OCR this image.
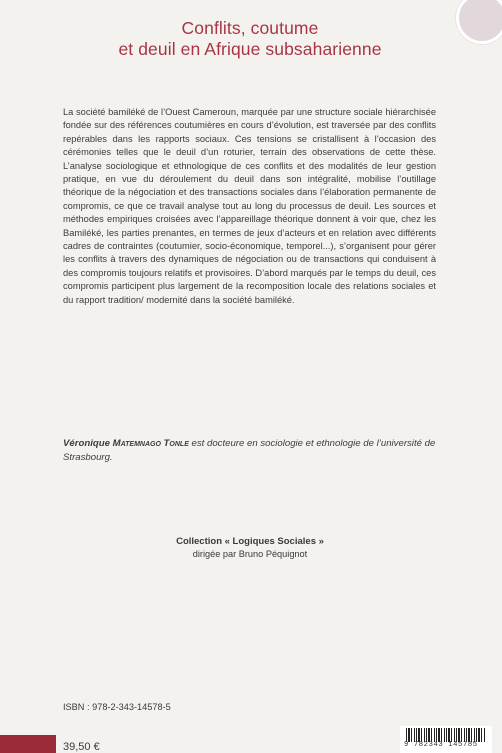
Conflits, coutume
et deuil en Afrique subsaharienne

La société bamiléké de l’Ouest Cameroun, marquée par une structure sociale hiérarchisée fondée sur des références coutumières en cours d’évolution, est traversée par des conflits repérables dans les rapports sociaux. Ces tensions se cristallisent à l’occasion des cérémonies telles que le deuil d’un roturier, terrain des observations de cette thèse. L’analyse sociologique et ethnologique de ces conflits et des modalités de leur gestion pratique, en vue du déroulement du deuil dans son intégralité, mobilise l’outillage théorique de la négociation et des transactions sociales dans l’élaboration permanente de compromis, ce que ce travail analyse tout au long du processus de deuil. Les sources et méthodes empiriques croisées avec l’appareillage théorique donnent à voir que, chez les Bamiléké, les parties prenantes, en termes de jeux d’acteurs et en relation avec différents cadres de contraintes (coutumier, socio-économique, temporel...), s’organisent pour gérer les conflits à travers des dynamiques de négociation ou de transactions qui conduisent à des compromis toujours relatifs et provisoires. D’abord marqués par le temps du deuil, ces compromis participent plus largement de la recomposition locale des relations sociales et du rapport tradition/ modernité dans la société bamiléké.

Véronique Matemnago Tonle est docteure en sociologie et ethnologie de l’université de Strasbourg.
Collection « Logiques Sociales »
dirigée par Bruno Péquignot
ISBN : 978-2-343-14578-5
39,50 €	9 782343 145785
